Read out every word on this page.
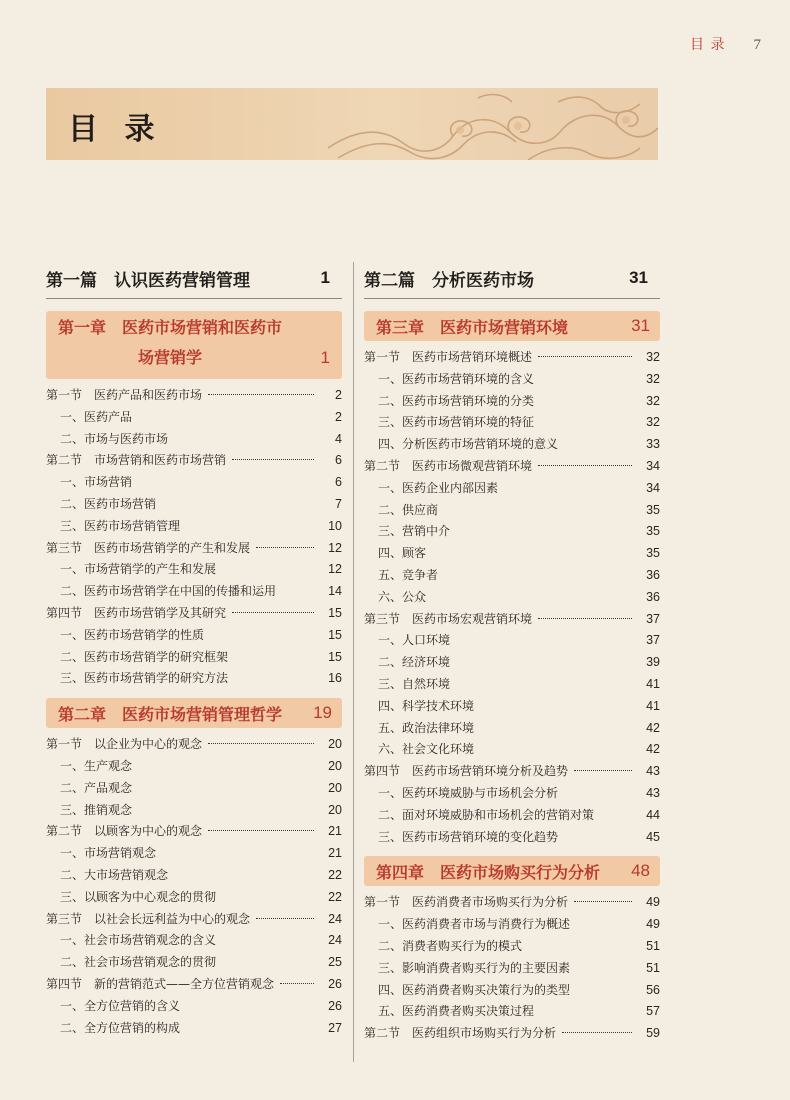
目 录 7
目 录
第一篇　认识医药营销管理	1
第一章　医药市场营销和医药市
场营销学	1
第一节　医药产品和医药市场	2
一、医药产品	2
二、市场与医药市场	4
第二节　市场营销和医药市场营销	6
一、市场营销	6
二、医药市场营销	7
三、医药市场营销管理	10
第三节　医药市场营销学的产生和发展	12
一、市场营销学的产生和发展	12
二、医药市场营销学在中国的传播和运用	14
第四节　医药市场营销学及其研究	15
一、医药市场营销学的性质	15
二、医药市场营销学的研究框架	15
三、医药市场营销学的研究方法	16
第二章　医药市场营销管理哲学 19
第一节　以企业为中心的观念	20
一、生产观念	20
二、产品观念	20
三、推销观念	20
第二节　以顾客为中心的观念	21
一、市场营销观念	21
二、大市场营销观念	22
三、以顾客为中心观念的贯彻	22
第三节　以社会长远利益为中心的观念	24
一、社会市场营销观念的含义	24
二、社会市场营销观念的贯彻	25
第四节　新的营销范式——全方位营销观念	26
一、全方位营销的含义	26
二、全方位营销的构成	27
第二篇　分析医药市场	31
第三章　医药市场营销环境	31
第一节　医药市场营销环境概述	32
一、医药市场营销环境的含义	32
二、医药市场营销环境的分类	32
三、医药市场营销环境的特征	32
四、分析医药市场营销环境的意义	33
第二节　医药市场微观营销环境	34
一、医药企业内部因素	34
二、供应商	35
三、营销中介	35
四、顾客	35
五、竞争者	36
六、公众	36
第三节　医药市场宏观营销环境	37
一、人口环境	37
二、经济环境	39
三、自然环境	41
四、科学技术环境	41
五、政治法律环境	42
六、社会文化环境	42
第四节　医药市场营销环境分析及趋势	43
一、医药环境威胁与市场机会分析	43
二、面对环境威胁和市场机会的营销对策	44
三、医药市场营销环境的变化趋势	45
第四章　医药市场购买行为分析 48
第一节　医药消费者市场购买行为分析	49
一、医药消费者市场与消费行为概述	49
二、消费者购买行为的模式	51
三、影响消费者购买行为的主要因素	51
四、医药消费者购买决策行为的类型	56
五、医药消费者购买决策过程	57
第二节　医药组织市场购买行为分析	59
